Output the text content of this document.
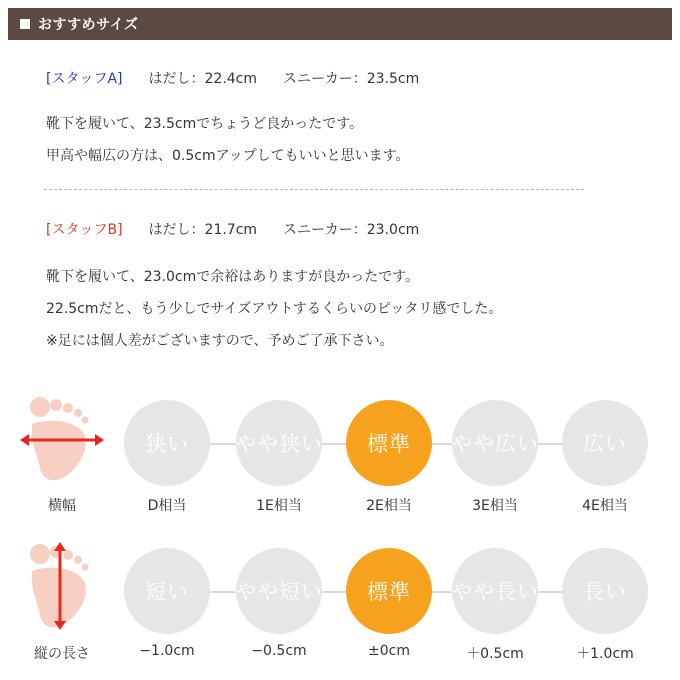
おすすめサイズ
[スタッフA] はだし：22.4cm スニーカー：23.5cm
靴下を履いて、23.5cmでちょうど良かったです。
甲高や幅広の方は、0.5cmアップしてもいいと思います。
[スタッフB] はだし：21.7cm スニーカー：23.0cm
靴下を履いて、23.0cmで余裕はありますが良かったです。
22.5cmだと、もう少しでサイズアウトするくらいのピッタリ感でした。
※足には個人差がございますので、予めご了承下さい。
横幅
狭い やや狭い 標準 やや広い 広い
D相当	1E相当	2E相当	3E相当	4E相当
縦の長さ
短い やや短い 標準 やや長い 長い
−1.0cm	−0.5cm	±0cm	＋0.5cm	＋1.0cm
